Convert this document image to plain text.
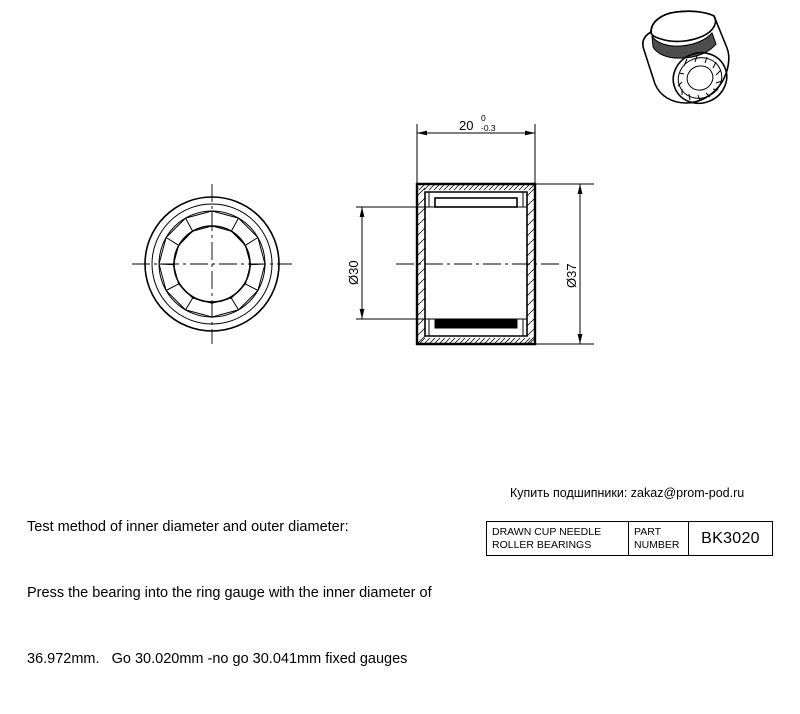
20 0
-0.3
Ø30	Ø37

Test method of inner diameter and outer diameter:

Press the bearing into the ring gauge with the inner diameter of

36.972mm.   Go 30.020mm -no go 30.041mm fixed gauges

Купить подшипники: zakaz@prom-pod.ru
DRAWN CUP NEEDLE
ROLLER BEARINGS
PART
NUMBER	BK3020
